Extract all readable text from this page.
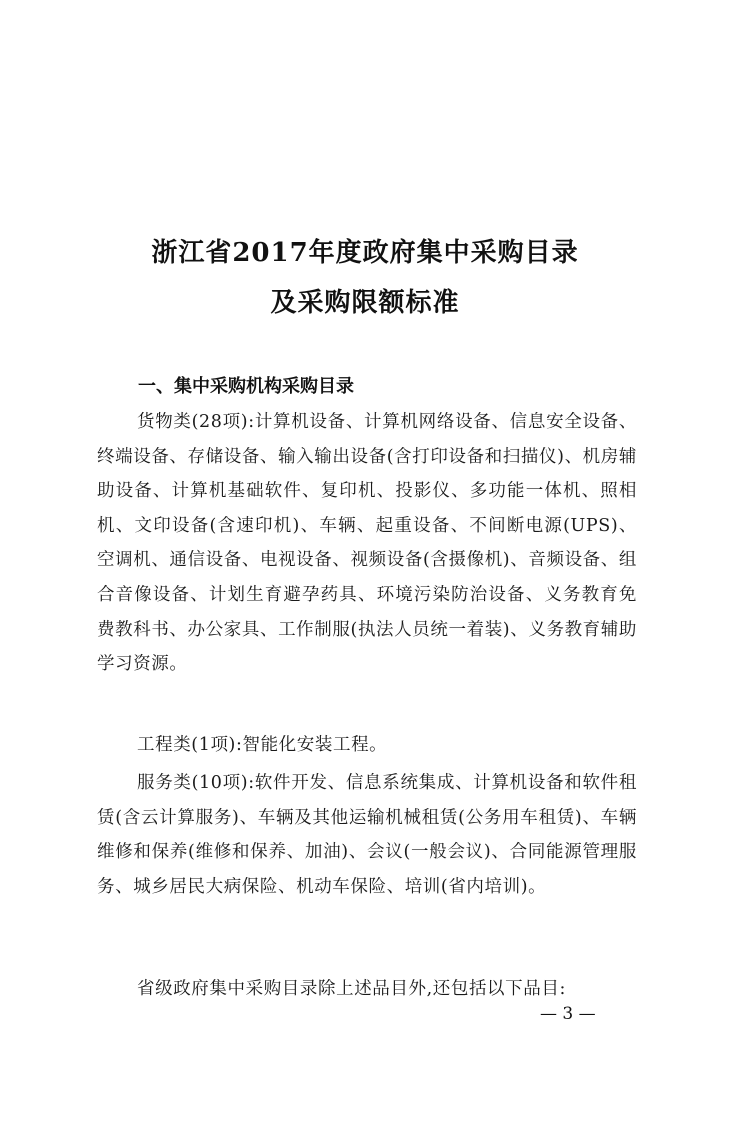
浙江省2017年度政府集中采购目录
及采购限额标准
一、集中采购机构采购目录
货物类(28项):计算机设备、计算机网络设备、信息安全设备、终端设备、存储设备、输入输出设备(含打印设备和扫描仪)、机房辅助设备、计算机基础软件、复印机、投影仪、多功能一体机、照相机、文印设备(含速印机)、车辆、起重设备、不间断电源(UPS)、空调机、通信设备、电视设备、视频设备(含摄像机)、音频设备、组合音像设备、计划生育避孕药具、环境污染防治设备、义务教育免费教科书、办公家具、工作制服(执法人员统一着装)、义务教育辅助学习资源。
工程类(1项):智能化安装工程。
服务类(10项):软件开发、信息系统集成、计算机设备和软件租赁(含云计算服务)、车辆及其他运输机械租赁(公务用车租赁)、车辆维修和保养(维修和保养、加油)、会议(一般会议)、合同能源管理服务、城乡居民大病保险、机动车保险、培训(省内培训)。
省级政府集中采购目录除上述品目外,还包括以下品目:
— 3 —
